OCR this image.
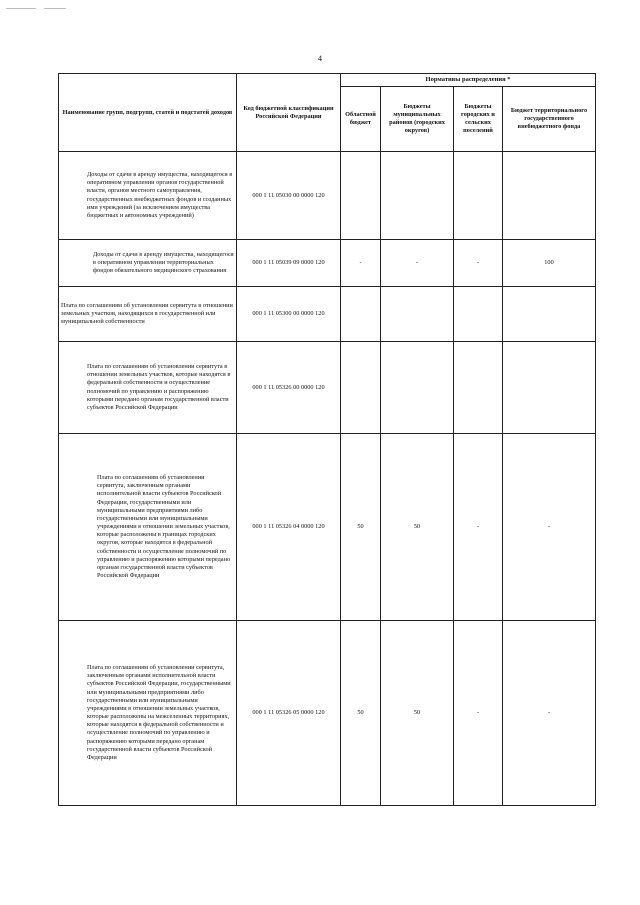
4
Наименование групп, подгрупп, статей и подстатей доходов	Код бюджетной классификации Российской Федерации	Нормативы распределения *			
		Областной бюджет	Бюджеты муниципальных районов (городских округов)	Бюджеты городских и сельских поселений	Бюджет территориального государственного внебюджетного фонда
Доходы от сдачи в аренду имущества, находящегося в оперативном управлении органов государственной власти, органов местного самоуправления, государственных внебюджетных фондов и созданных ими учреждений (за исключением имущества бюджетных и автономных учреждений)	000 1 11 05030 00 0000 120				
Доходы от сдачи в аренду имущества, находящегося в оперативном управлении территориальных фондов обязательного медицинского страхования	000 1 11 05039 09 0000 120	-	-	-	100
Плата по соглашениям об установлении сервитута в отношении земельных участков, находящихся в государственной или муниципальной собственности	000 1 11 05300 00 0000 120				
Плата по соглашениям об установлении сервитута в отношении земельных участков, которые находятся в федеральной собственности и осуществление полномочий по управлению и распоряжению которыми передано органам государственной власти субъектов Российской Федерации	000 1 11 05326 00 0000 120				
Плата по соглашениям об установлении сервитута, заключенным органами исполнительной власти субъектов Российской Федерации, государственными или муниципальными предприятиями либо государственными или муниципальными учреждениями в отношении земельных участков, которые расположены в границах городских округов, которые находятся в федеральной собственности и осуществление полномочий по управлению и распоряжению которыми передано органам государственной власти субъектов Российской Федерации	000 1 11 05326 04 0000 120	50	50	-	-
Плата по соглашениям об установлении сервитута, заключенным органами исполнительной власти субъектов Российской Федерации, государственными или муниципальными предприятиями либо государственными или муниципальными учреждениями в отношении земельных участков, которые расположены на межселенных территориях, которые находятся в федеральной собственности и осуществление полномочий по управлению и распоряжению которыми передано органам государственной власти субъектов Российской Федерации	000 1 11 05326 05 0000 120	50	50	-	-
